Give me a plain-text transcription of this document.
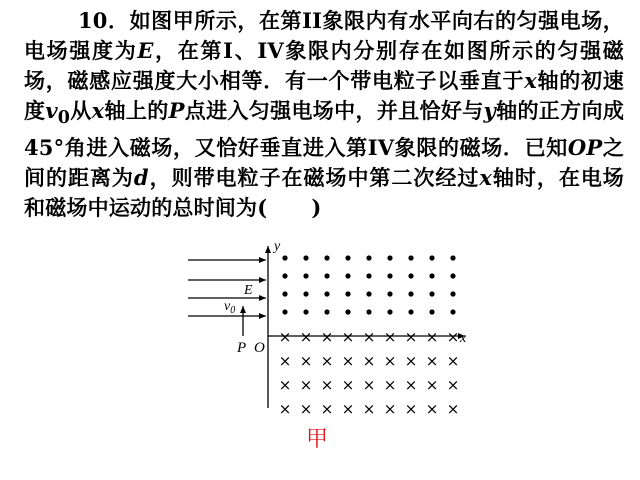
10．如图甲所示，在第II象限内有水平向右的匀强电场，电场强度为E，在第I、IV象限内分别存在如图所示的匀强磁场，磁感应强度大小相等．有一个带电粒子以垂直于x轴的初速度$v_0$从x轴上的P点进入匀强电场中，并且恰好与y轴的正方向成45°角进入磁场，又恰好垂直进入第IV象限的磁场．已知OP之间的距离为d，则带电粒子在磁场中第二次经过x轴时，在电场和磁场中运动的总时间为( )

× × × × × × × × ×
× × × × × × × × ×
× × × × × × × × ×
× × × × × × × × ×
y
x
E
$v_0$
P O
甲
